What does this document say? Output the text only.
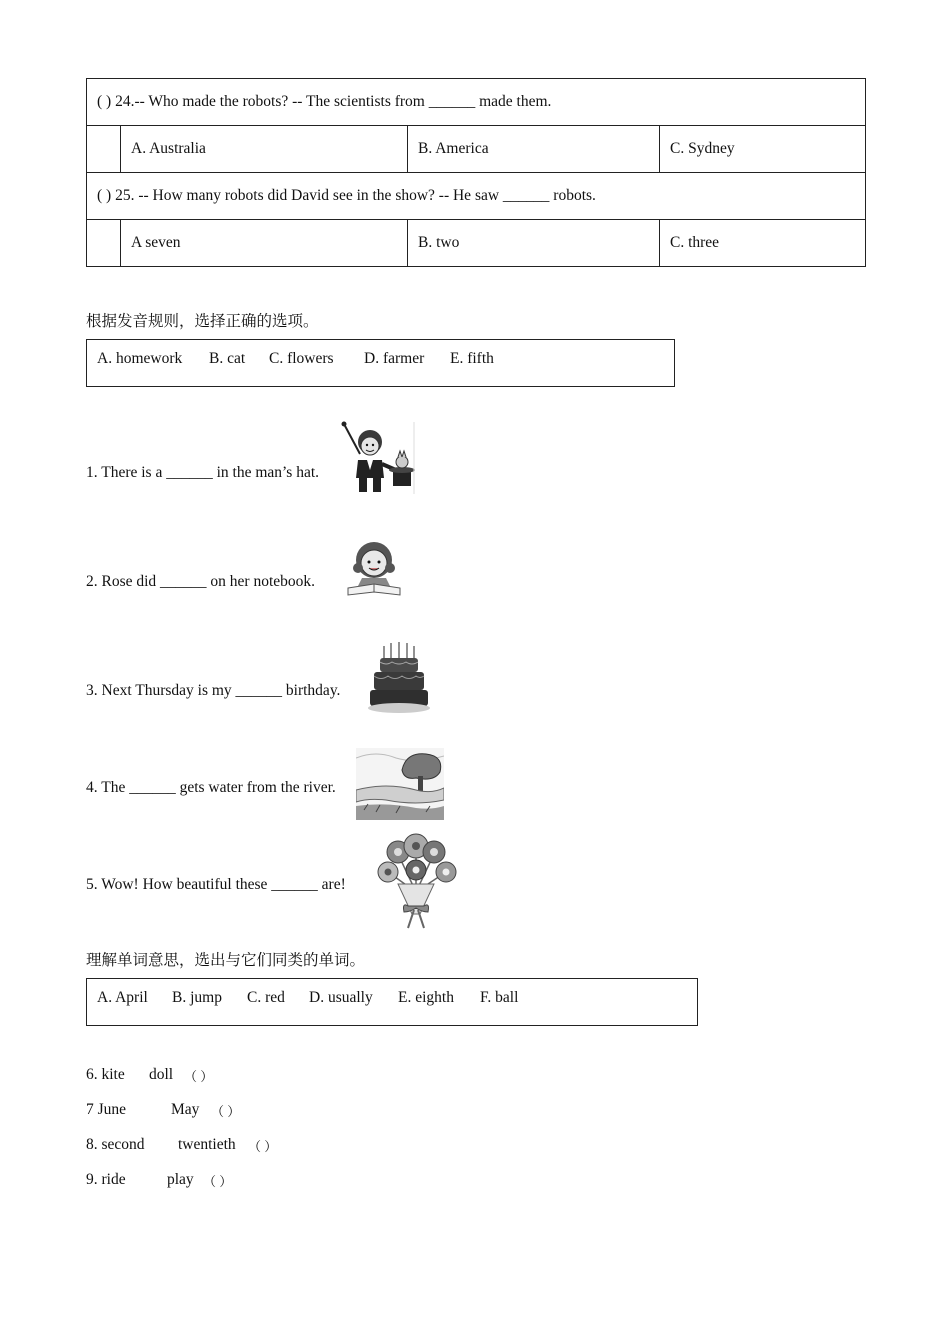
( ) 24.-- Who made the robots? -- The scientists from ______ made them.			
	A. Australia	B. America	C. Sydney
( ) 25. -- How many robots did David see in the show? -- He saw ______ robots.			
	A seven	B. two	C. three
根据发音规则，选择正确的选项。
A. homework B. cat C. flowers D. farmer E. fifth
1. There is a ______ in the man’s hat.
2. Rose did ______ on her notebook.
3. Next Thursday is my ______ birthday.
4. The ______ gets water from the river.
5. Wow! How beautiful these ______ are!
理解单词意思，选出与它们同类的单词。
A. April B. jump C. red D. usually E. eighth F. ball
6. kite doll （ ）
7 June	May （ ）
8. second twentieth （ ）
9. ride	play （ ）
